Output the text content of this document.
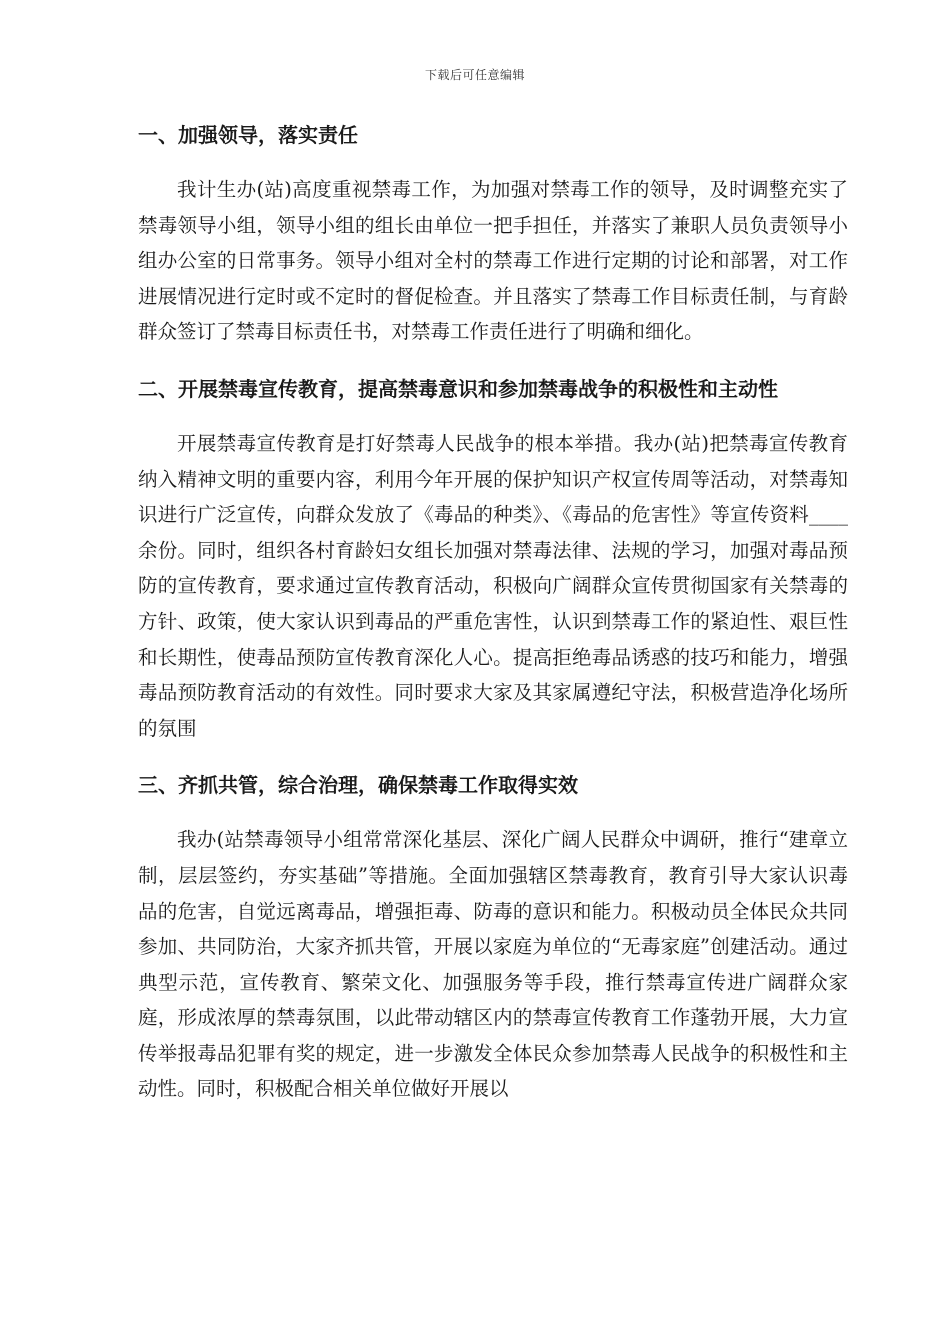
下载后可任意编辑
一、加强领导，落实责任

我计生办(站)高度重视禁毒工作，为加强对禁毒工作的领导，及时调整充实了禁毒领导小组，领导小组的组长由单位一把手担任，并落实了兼职人员负责领导小组办公室的日常事务。领导小组对全村的禁毒工作进行定期的讨论和部署，对工作进展情况进行定时或不定时的督促检查。并且落实了禁毒工作目标责任制，与育龄群众签订了禁毒目标责任书，对禁毒工作责任进行了明确和细化。

二、开展禁毒宣传教育，提高禁毒意识和参加禁毒战争的积极性和主动性

开展禁毒宣传教育是打好禁毒人民战争的根本举措。我办(站)把禁毒宣传教育纳入精神文明的重要内容，利用今年开展的保护知识产权宣传周等活动，对禁毒知识进行广泛宣传，向群众发放了《毒品的种类》、《毒品的危害性》等宣传资料____余份。同时，组织各村育龄妇女组长加强对禁毒法律、法规的学习，加强对毒品预防的宣传教育，要求通过宣传教育活动，积极向广阔群众宣传贯彻国家有关禁毒的方针、政策，使大家认识到毒品的严重危害性，认识到禁毒工作的紧迫性、艰巨性和长期性，使毒品预防宣传教育深化人心。提高拒绝毒品诱惑的技巧和能力，增强毒品预防教育活动的有效性。同时要求大家及其家属遵纪守法，积极营造净化场所的氛围

三、齐抓共管，综合治理，确保禁毒工作取得实效

我办(站禁毒领导小组常常深化基层、深化广阔人民群众中调研，推行“建章立制，层层签约，夯实基础”等措施。全面加强辖区禁毒教育，教育引导大家认识毒品的危害，自觉远离毒品，增强拒毒、防毒的意识和能力。积极动员全体民众共同参加、共同防治，大家齐抓共管，开展以家庭为单位的“无毒家庭”创建活动。通过典型示范，宣传教育、繁荣文化、加强服务等手段，推行禁毒宣传进广阔群众家庭，形成浓厚的禁毒氛围，以此带动辖区内的禁毒宣传教育工作蓬勃开展，大力宣传举报毒品犯罪有奖的规定，进一步激发全体民众参加禁毒人民战争的积极性和主动性。同时，积极配合相关单位做好开展以
